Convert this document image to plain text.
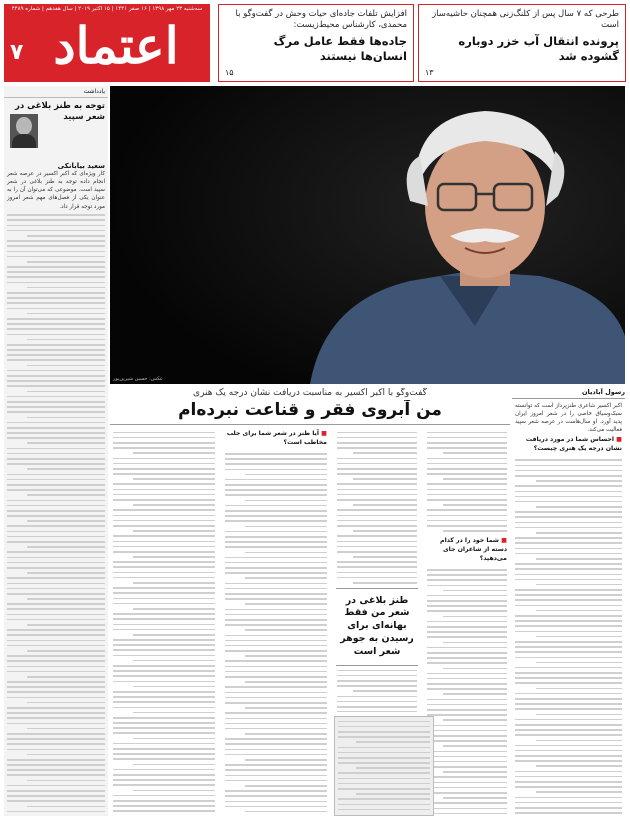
سه‌شنبه ۲۳ مهر ۱۳۹۸ | ۱۶ صفر ۱۴۴۱ | ۱۵ اکتبر ۲۰۱۹ | سال هفدهم | شماره ۴۴۸۹
اعتماد
۷
طرحی که ۷ سال پس از کلنگ‌زنی همچنان حاشیه‌ساز است
پرونده انتقال آب خزر دوباره گشوده شد
۱۳
افزایش تلفات جاده‌ای حیات وحش در گفت‌وگو با محمدی، کارشناس محیط‌زیست:
جاده‌ها فقط عامل مرگ انسان‌ها نیستند
۱۵
یادداشت
توجه به طنز بلاغی در شعر سپید
سعید بیابانکی
کار ویژه‌ای که اکبر اکسیر در عرصه شعر انجام داده توجه به طنز بلاغی در شعر سپید است. موضوعی که می‌توان آن را به عنوان یکی از فصل‌های مهم شعر امروز مورد توجه قرار داد.
عکس: حسین شیرین‌پور
گفت‌وگو با اکبر اکسیر به مناسبت دریافت نشان درجه یک هنری
من آبروی فقر و قناعت نبرده‌ام
رسول آبادیان
اکبر اکسیر شاعری طنزپرداز است که توانسته سبک‌وسیاق خاصی را در شعر امروز ایران پدید آورد. او سال‌هاست در عرصه شعر سپید فعالیت می‌کند.
■ احساس شما در مورد دریافت نشان درجه یک هنری چیست؟
■ شما خود را در کدام دسته از شاعران جای می‌دهید؟
طنز بلاغی در شعر من فقط بهانه‌ای برای رسیدن به جوهر شعر است
■ آیا طنز در شعر شما برای جلب مخاطب است؟
